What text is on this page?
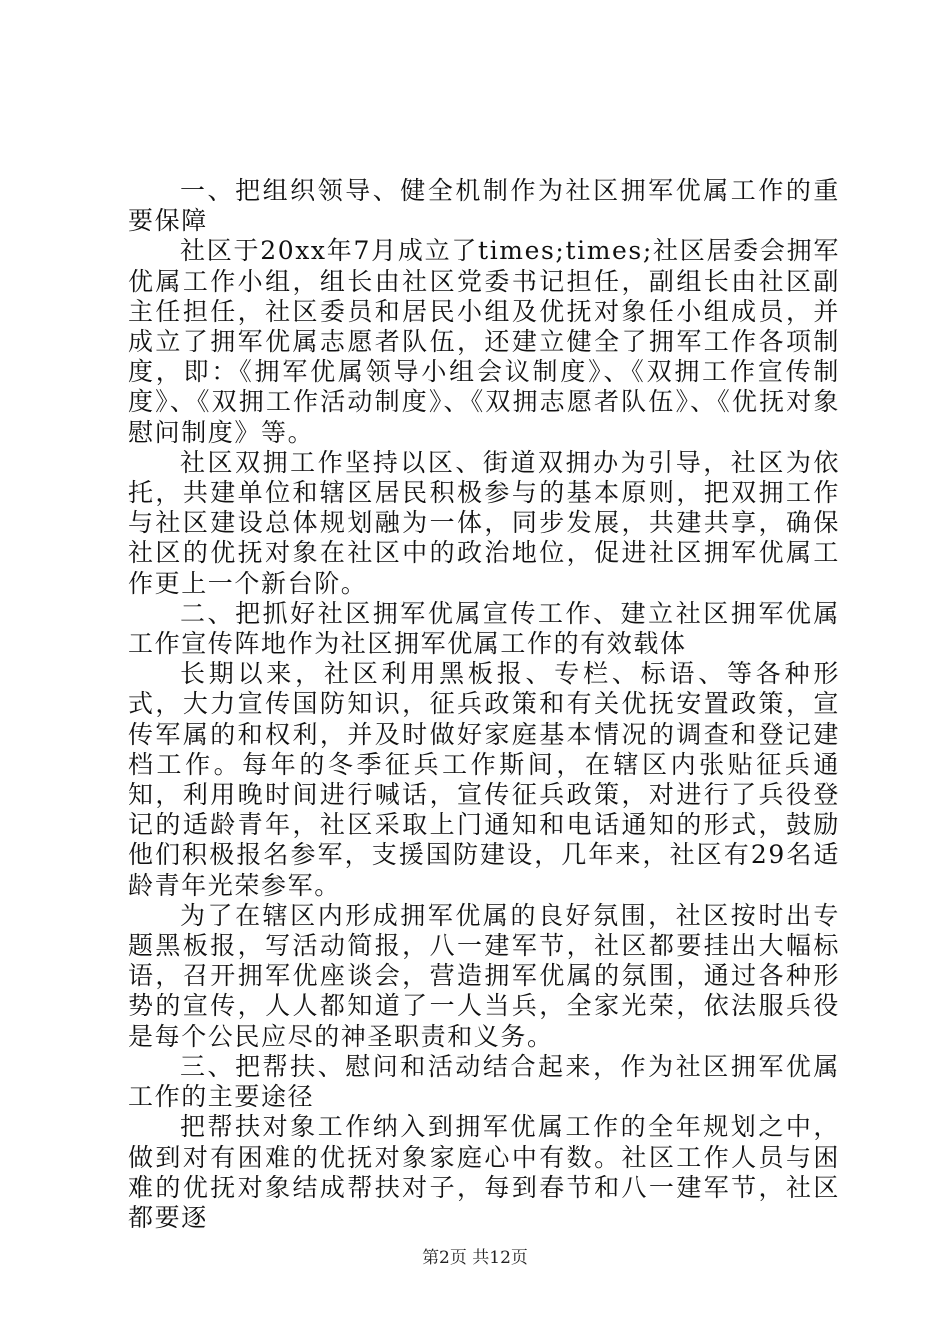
一、把组织领导、健全机制作为社区拥军优属工作的重要保障

社区于20xx年7月成立了times;times;社区居委会拥军优属工作小组，组长由社区党委书记担任，副组长由社区副主任担任，社区委员和居民小组及优抚对象任小组成员，并成立了拥军优属志愿者队伍，还建立健全了拥军工作各项制度，即：《拥军优属领导小组会议制度》、《双拥工作宣传制度》、《双拥工作活动制度》、《双拥志愿者队伍》、《优抚对象慰问制度》等。

社区双拥工作坚持以区、街道双拥办为引导，社区为依托，共建单位和辖区居民积极参与的基本原则，把双拥工作与社区建设总体规划融为一体，同步发展，共建共享，确保社区的优抚对象在社区中的政治地位，促进社区拥军优属工作更上一个新台阶。

二、把抓好社区拥军优属宣传工作、建立社区拥军优属工作宣传阵地作为社区拥军优属工作的有效载体

长期以来，社区利用黑板报、专栏、标语、等各种形式，大力宣传国防知识，征兵政策和有关优抚安置政策，宣传军属的和权利，并及时做好家庭基本情况的调查和登记建档工作。每年的冬季征兵工作斯间，在辖区内张贴征兵通知，利用晚时间进行喊话，宣传征兵政策，对进行了兵役登记的适龄青年，社区采取上门通知和电话通知的形式，鼓励他们积极报名参军，支援国防建设，几年来，社区有29名适龄青年光荣参军。

为了在辖区内形成拥军优属的良好氛围，社区按时出专题黑板报，写活动简报，八一建军节，社区都要挂出大幅标语，召开拥军优座谈会，营造拥军优属的氛围，通过各种形势的宣传，人人都知道了一人当兵，全家光荣，依法服兵役是每个公民应尽的神圣职责和义务。

三、把帮扶、慰问和活动结合起来，作为社区拥军优属工作的主要途径

把帮扶对象工作纳入到拥军优属工作的全年规划之中，做到对有困难的优抚对象家庭心中有数。社区工作人员与困难的优抚对象结成帮扶对子，每到春节和八一建军节，社区都要逐

第2页 共12页
